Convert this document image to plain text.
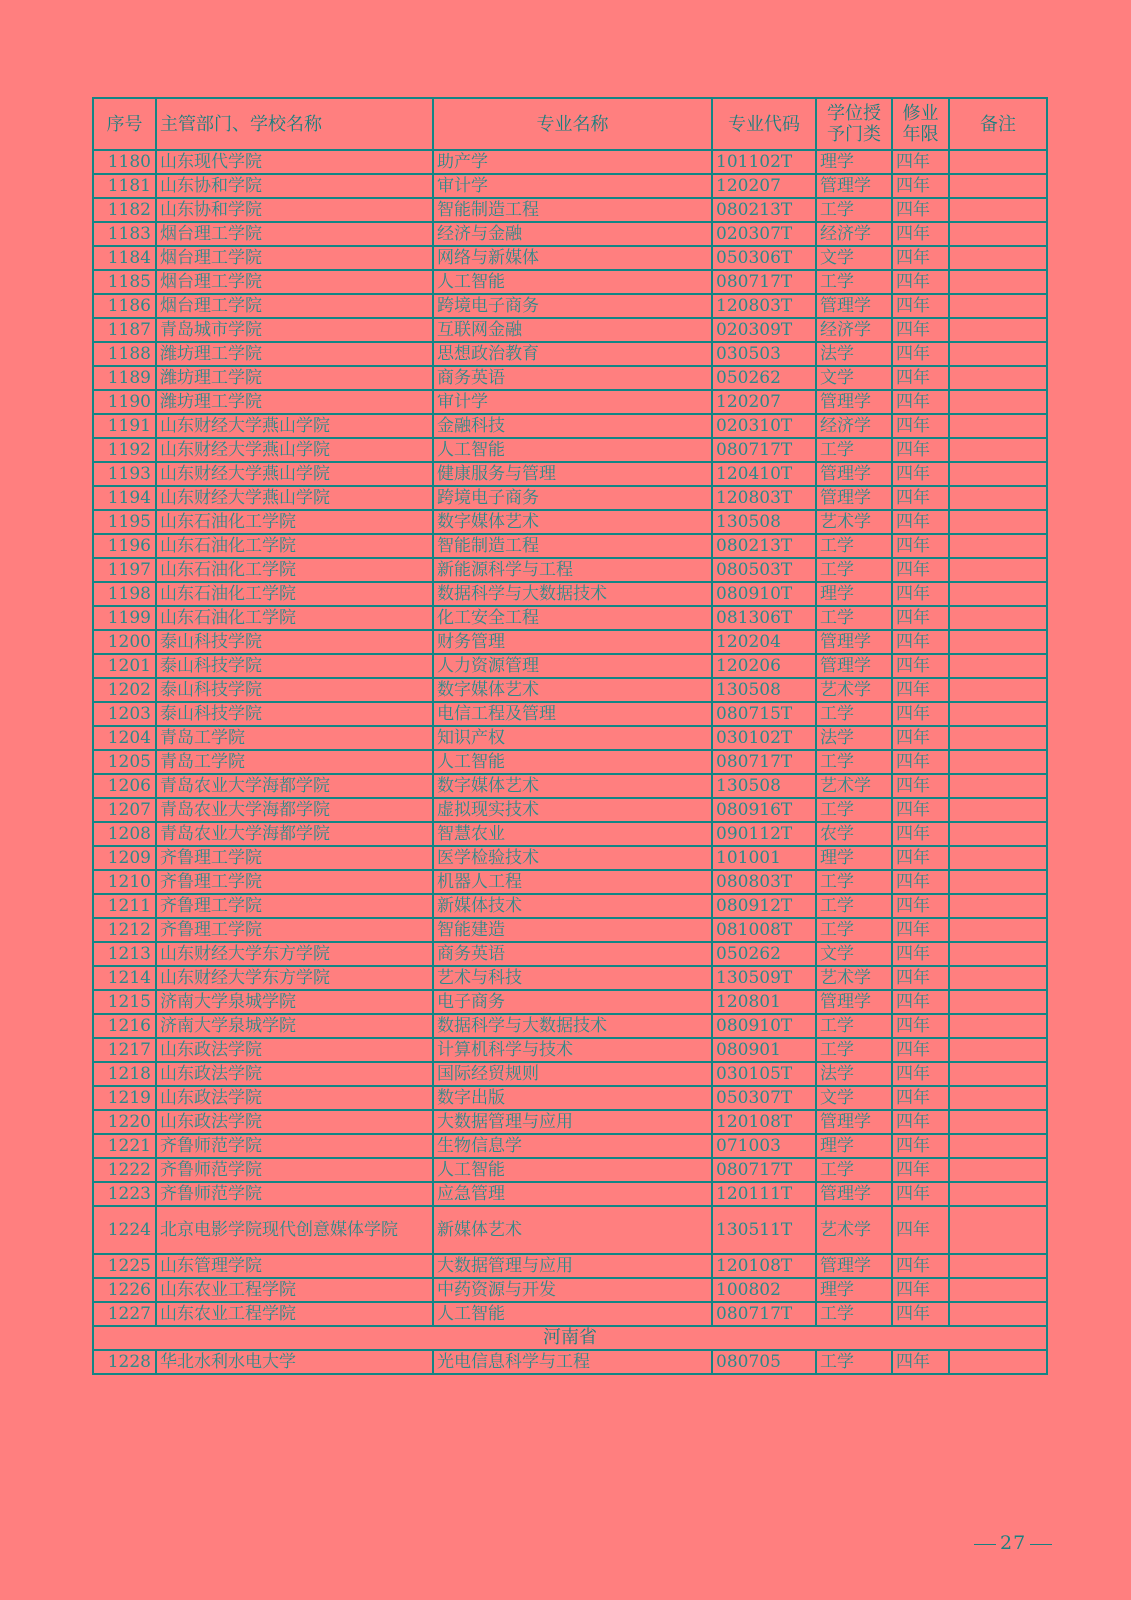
序号	主管部门、学校名称	专业名称	专业代码	学位授予门类	修业年限	备注
1180	山东现代学院	助产学	101102T	理学	四年	
1181	山东协和学院	审计学	120207	管理学	四年	
1182	山东协和学院	智能制造工程	080213T	工学	四年	
1183	烟台理工学院	经济与金融	020307T	经济学	四年	
1184	烟台理工学院	网络与新媒体	050306T	文学	四年	
1185	烟台理工学院	人工智能	080717T	工学	四年	
1186	烟台理工学院	跨境电子商务	120803T	管理学	四年	
1187	青岛城市学院	互联网金融	020309T	经济学	四年	
1188	潍坊理工学院	思想政治教育	030503	法学	四年	
1189	潍坊理工学院	商务英语	050262	文学	四年	
1190	潍坊理工学院	审计学	120207	管理学	四年	
1191	山东财经大学燕山学院	金融科技	020310T	经济学	四年	
1192	山东财经大学燕山学院	人工智能	080717T	工学	四年	
1193	山东财经大学燕山学院	健康服务与管理	120410T	管理学	四年	
1194	山东财经大学燕山学院	跨境电子商务	120803T	管理学	四年	
1195	山东石油化工学院	数字媒体艺术	130508	艺术学	四年	
1196	山东石油化工学院	智能制造工程	080213T	工学	四年	
1197	山东石油化工学院	新能源科学与工程	080503T	工学	四年	
1198	山东石油化工学院	数据科学与大数据技术	080910T	理学	四年	
1199	山东石油化工学院	化工安全工程	081306T	工学	四年	
1200	泰山科技学院	财务管理	120204	管理学	四年	
1201	泰山科技学院	人力资源管理	120206	管理学	四年	
1202	泰山科技学院	数字媒体艺术	130508	艺术学	四年	
1203	泰山科技学院	电信工程及管理	080715T	工学	四年	
1204	青岛工学院	知识产权	030102T	法学	四年	
1205	青岛工学院	人工智能	080717T	工学	四年	
1206	青岛农业大学海都学院	数字媒体艺术	130508	艺术学	四年	
1207	青岛农业大学海都学院	虚拟现实技术	080916T	工学	四年	
1208	青岛农业大学海都学院	智慧农业	090112T	农学	四年	
1209	齐鲁理工学院	医学检验技术	101001	理学	四年	
1210	齐鲁理工学院	机器人工程	080803T	工学	四年	
1211	齐鲁理工学院	新媒体技术	080912T	工学	四年	
1212	齐鲁理工学院	智能建造	081008T	工学	四年	
1213	山东财经大学东方学院	商务英语	050262	文学	四年	
1214	山东财经大学东方学院	艺术与科技	130509T	艺术学	四年	
1215	济南大学泉城学院	电子商务	120801	管理学	四年	
1216	济南大学泉城学院	数据科学与大数据技术	080910T	工学	四年	
1217	山东政法学院	计算机科学与技术	080901	工学	四年	
1218	山东政法学院	国际经贸规则	030105T	法学	四年	
1219	山东政法学院	数字出版	050307T	文学	四年	
1220	山东政法学院	大数据管理与应用	120108T	管理学	四年	
1221	齐鲁师范学院	生物信息学	071003	理学	四年	
1222	齐鲁师范学院	人工智能	080717T	工学	四年	
1223	齐鲁师范学院	应急管理	120111T	管理学	四年	
1224	北京电影学院现代创意媒体学院	新媒体艺术	130511T	艺术学	四年	
1225	山东管理学院	大数据管理与应用	120108T	管理学	四年	
1226	山东农业工程学院	中药资源与开发	100802	理学	四年	
1227	山东农业工程学院	人工智能	080717T	工学	四年	
河南省						
1228	华北水利水电大学	光电信息科学与工程	080705	工学	四年	
27
